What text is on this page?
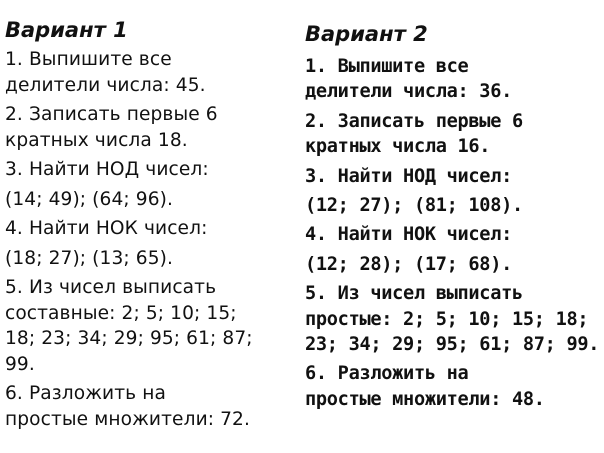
Вариант 1

1. Выпишите все

делители числа: 45.

2. Записать первые 6

кратных числа 18.

3. Найти НОД чисел:

(14; 49); (64; 96).

4. Найти НОК чисел:

(18; 27); (13; 65).

5. Из чисел выписать

составные: 2; 5; 10; 15;

18; 23; 34; 29; 95; 61; 87;

99.

6. Разложить на

простые множители: 72.

Вариант 2

1. Выпишите все

делители числа: 36.

2. Записать первые 6

кратных числа 16.

3. Найти НОД чисел:

(12; 27); (81; 108).

4. Найти НОК чисел:

(12; 28); (17; 68).

5. Из чисел выписать

простые: 2; 5; 10; 15; 18;

23; 34; 29; 95; 61; 87; 99.

6. Разложить на

простые множители: 48.
